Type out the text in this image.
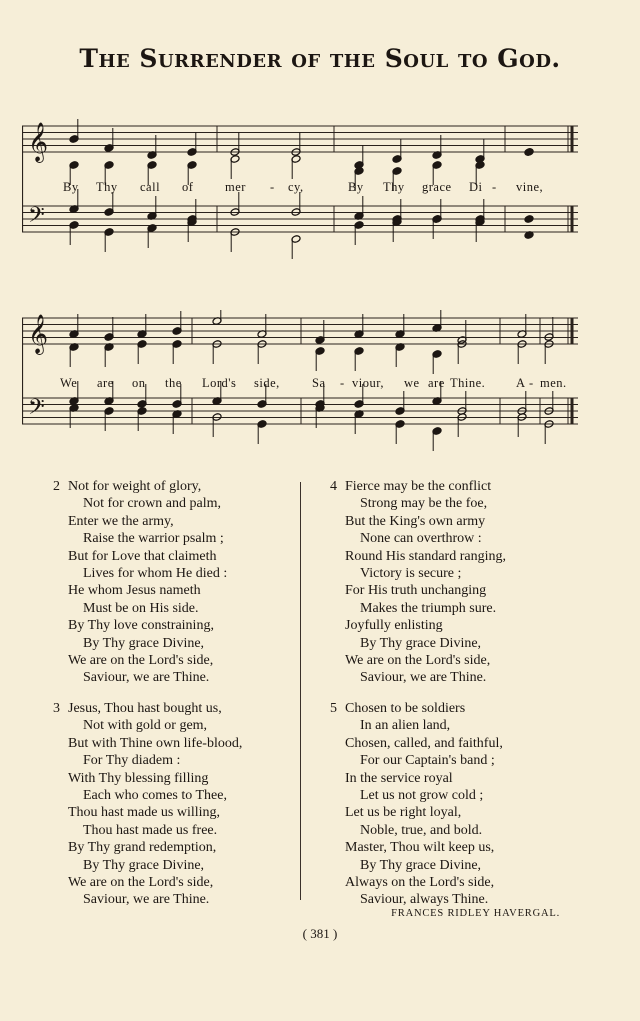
The Surrender of the Soul to God.
𝄞
𝄢
By Thy call of	mer - cy,	By Thy grace Di - vine,
𝄞
𝄢
We are on the Lord's side,	Sa - viour, we are Thine. A - men.
2 Not for weight of glory,
Not for crown and palm,
Enter we the army,
Raise the warrior psalm ;
But for Love that claimeth
Lives for whom He died :
He whom Jesus nameth
Must be on His side.
By Thy love constraining,
By Thy grace Divine,
We are on the Lord's side,
Saviour, we are Thine.
3 Jesus, Thou hast bought us,
Not with gold or gem,
But with Thine own life-blood,
For Thy diadem :
With Thy blessing filling
Each who comes to Thee,
Thou hast made us willing,
Thou hast made us free.
By Thy grand redemption,
By Thy grace Divine,
We are on the Lord's side,
Saviour, we are Thine.
4 Fierce may be the conflict
Strong may be the foe,
But the King's own army
None can overthrow :
Round His standard ranging,
Victory is secure ;
For His truth unchanging
Makes the triumph sure.
Joyfully enlisting
By Thy grace Divine,
We are on the Lord's side,
Saviour, we are Thine.
5 Chosen to be soldiers
In an alien land,
Chosen, called, and faithful,
For our Captain's band ;
In the service royal
Let us not grow cold ;
Let us be right loyal,
Noble, true, and bold.
Master, Thou wilt keep us,
By Thy grace Divine,
Always on the Lord's side,
Saviour, always Thine.
FRANCES RIDLEY HAVERGAL.
( 381 )
